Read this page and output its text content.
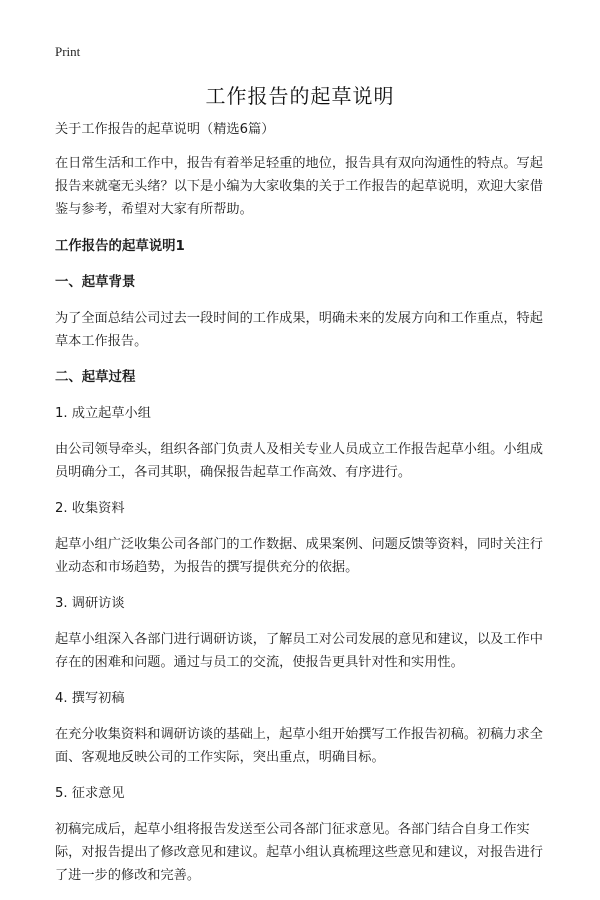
Print
工作报告的起草说明

关于工作报告的起草说明（精选6篇）

在日常生活和工作中，报告有着举足轻重的地位，报告具有双向沟通性的特点。写起报告来就毫无头绪？以下是小编为大家收集的关于工作报告的起草说明，欢迎大家借鉴与参考，希望对大家有所帮助。

工作报告的起草说明1

一、起草背景

为了全面总结公司过去一段时间的工作成果，明确未来的发展方向和工作重点，特起草本工作报告。

二、起草过程

1. 成立起草小组

由公司领导牵头，组织各部门负责人及相关专业人员成立工作报告起草小组。小组成员明确分工，各司其职，确保报告起草工作高效、有序进行。

2. 收集资料

起草小组广泛收集公司各部门的工作数据、成果案例、问题反馈等资料，同时关注行业动态和市场趋势，为报告的撰写提供充分的依据。

3. 调研访谈

起草小组深入各部门进行调研访谈，了解员工对公司发展的意见和建议，以及工作中存在的困难和问题。通过与员工的交流，使报告更具针对性和实用性。

4. 撰写初稿

在充分收集资料和调研访谈的基础上，起草小组开始撰写工作报告初稿。初稿力求全面、客观地反映公司的工作实际，突出重点，明确目标。

5. 征求意见

初稿完成后，起草小组将报告发送至公司各部门征求意见。各部门结合自身工作实际，对报告提出了修改意见和建议。起草小组认真梳理这些意见和建议，对报告进行了进一步的修改和完善。
